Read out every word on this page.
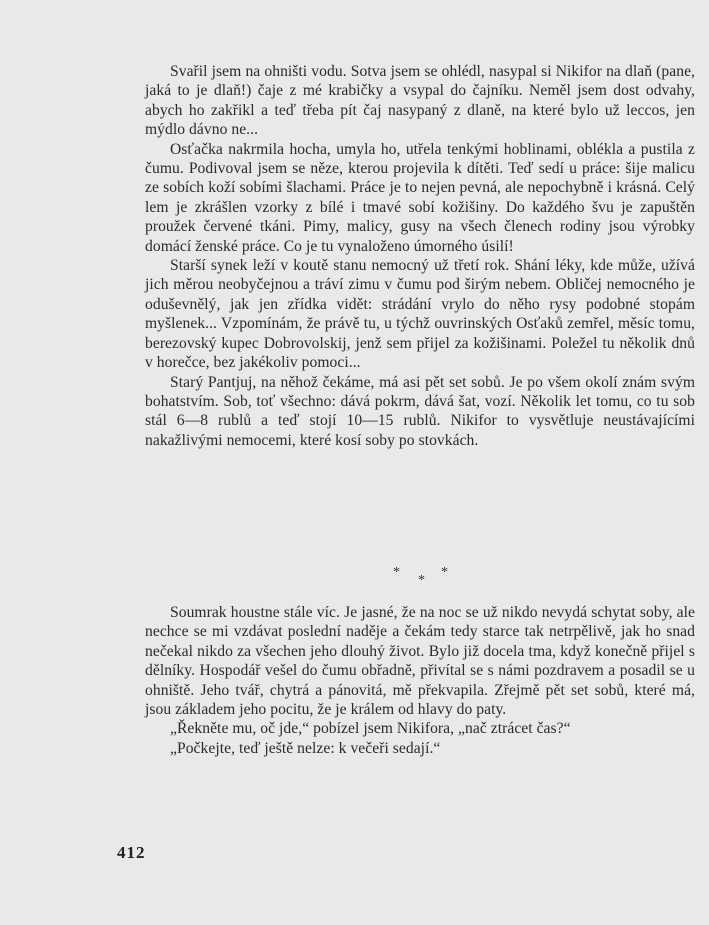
Svařil jsem na ohništi vodu. Sotva jsem se ohlédl, nasypal si Nikifor na dlaň (pane, jaká to je dlaň!) čaje z mé krabičky a vsypal do čajníku. Neměl jsem dost odvahy, abych ho zakřikl a teď třeba pít čaj nasypaný z dlaně, na které bylo už leccos, jen mýdlo dávno ne...

Osťačka nakrmila hocha, umyla ho, utřela tenkými hoblinami, oblékla a pustila z čumu. Podivoval jsem se něze, kterou projevila k dítěti. Teď sedí u práce: šije malicu ze sobích koží sobími šlachami. Práce je to nejen pevná, ale nepochybně i krásná. Celý lem je zkrášlen vzorky z bílé i tmavé sobí kožišiny. Do každého švu je zapuštěn proužek červené tkáni. Pimy, malicy, gusy na všech členech rodiny jsou výrobky domácí ženské práce. Co je tu vynaloženo úmorného úsilí!

Starší synek leží v koutě stanu nemocný už třetí rok. Shání léky, kde může, užívá jich měrou neobyčejnou a tráví zimu v čumu pod širým nebem. Obličej nemocného je oduševnělý, jak jen zřídka vidět: strádání vrylo do něho rysy podobné stopám myšlenek... Vzpomínám, že právě tu, u týchž ouvrinských Osťaků zemřel, měsíc tomu, berezovský kupec Dobrovolskij, jenž sem přijel za kožišinami. Poležel tu několik dnů v horečce, bez jakékoliv pomoci...

Starý Pantjuj, na něhož čekáme, má asi pět set sobů. Je po všem okolí znám svým bohatstvím. Sob, toť všechno: dává pokrm, dává šat, vozí. Několik let tomu, co tu sob stál 6—8 rublů a teď stojí 10—15 rublů. Nikifor to vysvětluje neustávajícími nakažlivými nemocemi, které kosí soby po stovkách.

*
*
*

Soumrak houstne stále víc. Je jasné, že na noc se už nikdo nevydá schytat soby, ale nechce se mi vzdávat poslední naděje a čekám tedy starce tak netrpělivě, jak ho snad nečekal nikdo za všechen jeho dlouhý život. Bylo již docela tma, když konečně přijel s dělníky. Hospodář vešel do čumu obřadně, přivítal se s námi pozdravem a posadil se u ohniště. Jeho tvář, chytrá a pánovitá, mě překvapila. Zřejmě pět set sobů, které má, jsou základem jeho pocitu, že je králem od hlavy do paty.

„Řekněte mu, oč jde,“ pobízel jsem Nikifora, „nač ztrácet čas?“

„Počkejte, teď ještě nelze: k večeři sedají.“

412
